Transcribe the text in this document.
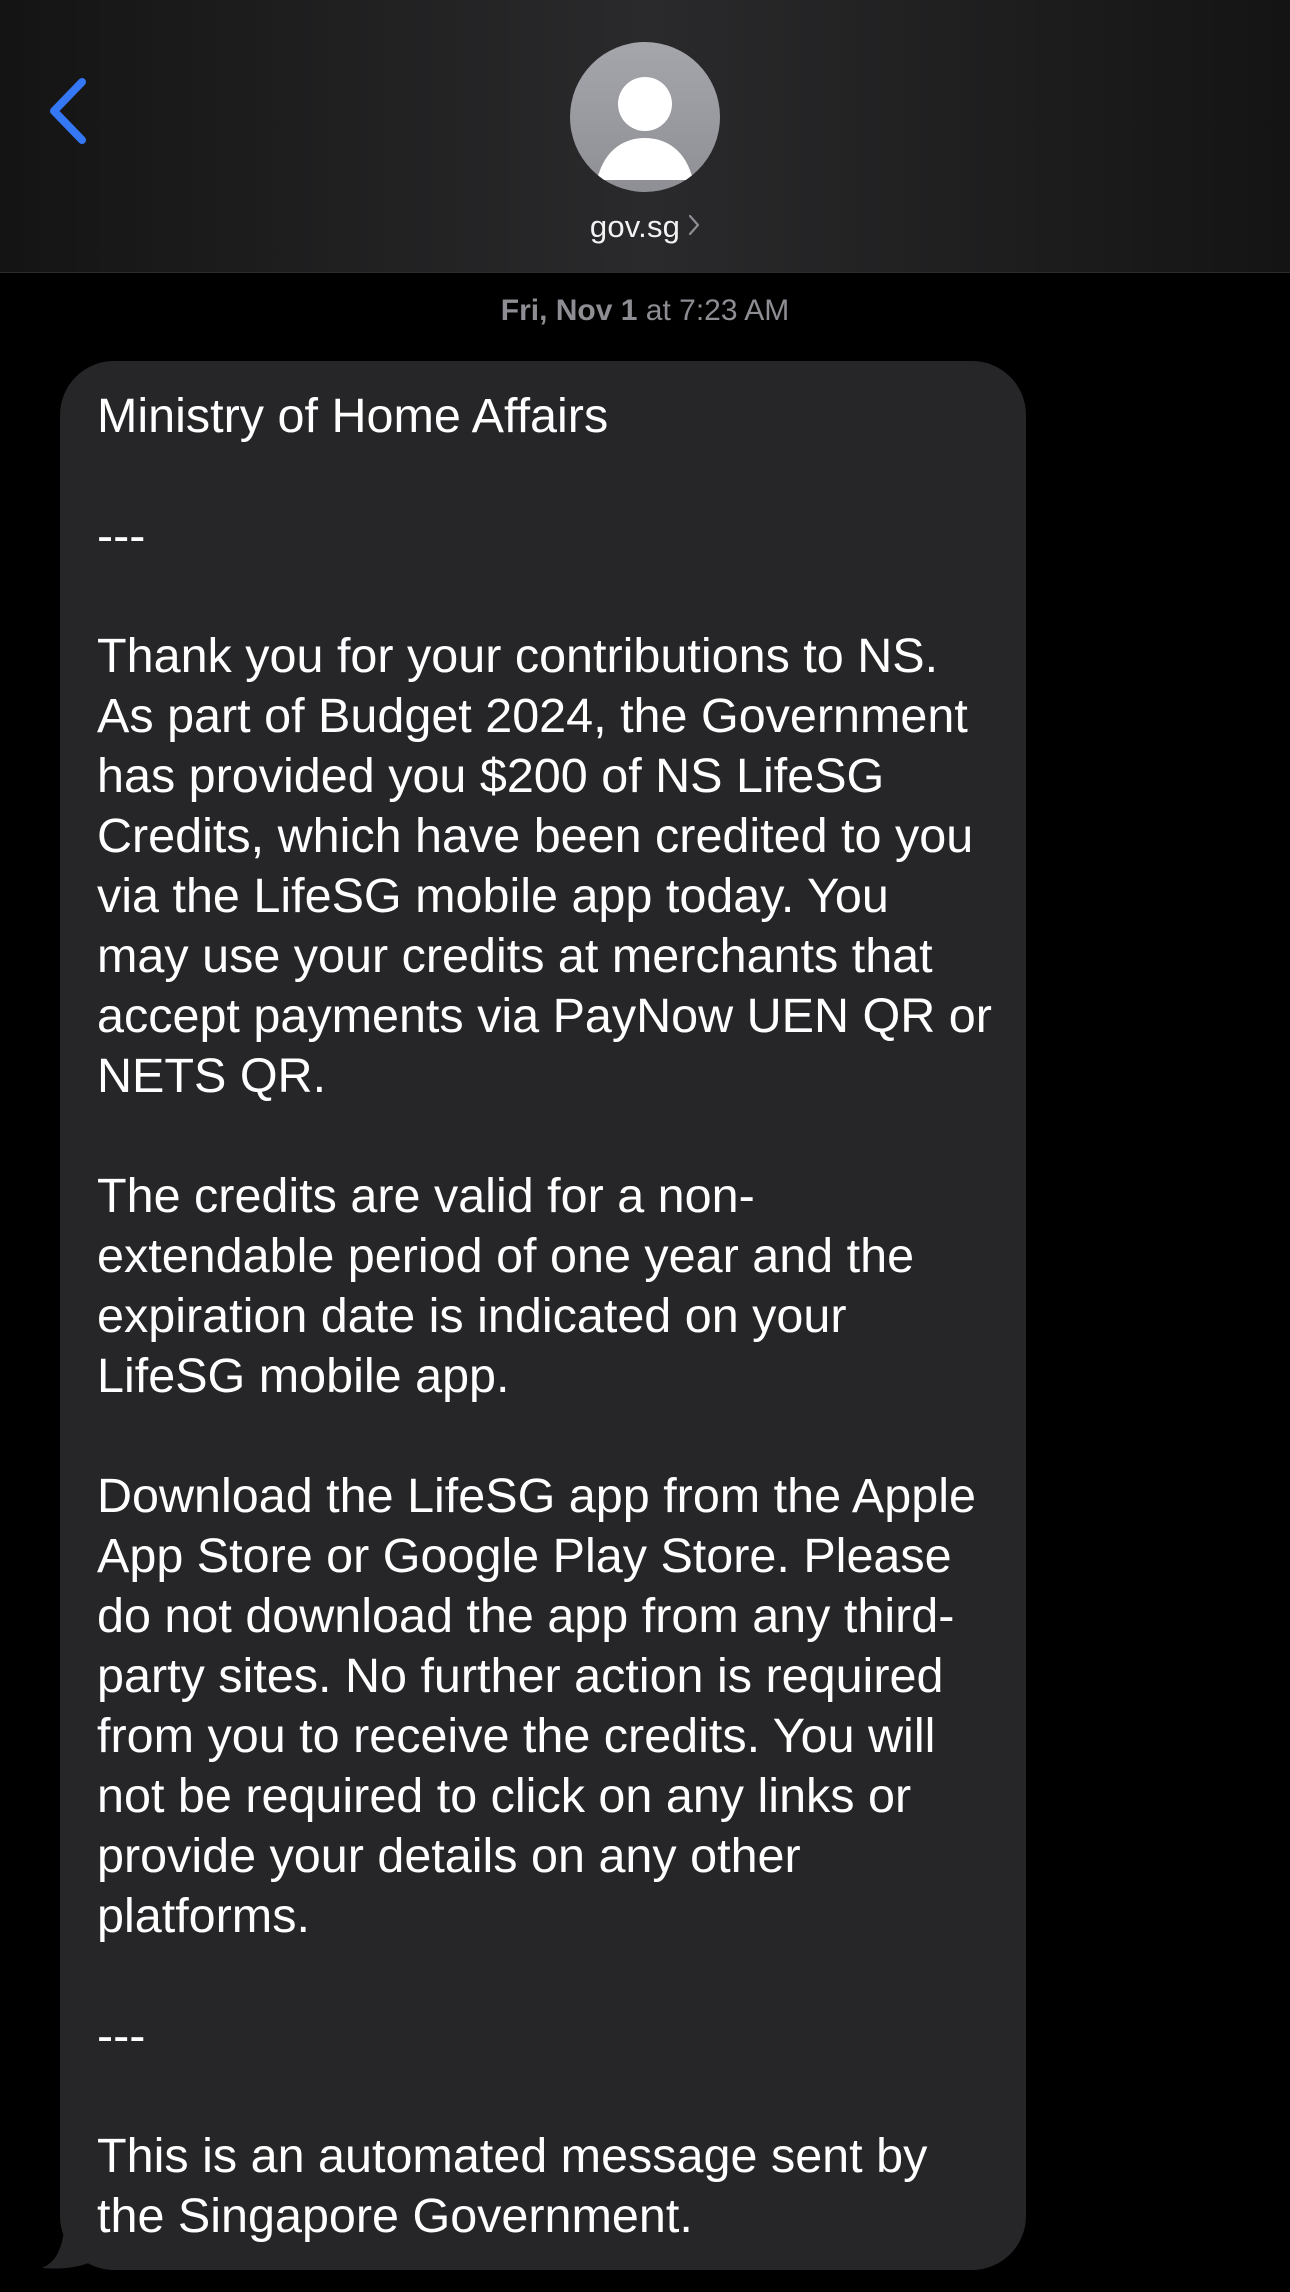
gov.sg
Fri, Nov 1 at 7:23 AM

Ministry of Home Affairs

---

Thank you for your contributions to NS. As part of Budget 2024, the Government has provided you $200 of NS LifeSG Credits, which have been credited to you via the LifeSG mobile app today. You may use your credits at merchants that accept payments via PayNow UEN QR or NETS QR.

The credits are valid for a non-extendable period of one year and the expiration date is indicated on your LifeSG mobile app.

Download the LifeSG app from the Apple App Store or Google Play Store. Please do not download the app from any third-party sites. No further action is required from you to receive the credits. You will not be required to click on any links or provide your details on any other platforms.

---

This is an automated message sent by the Singapore Government.
